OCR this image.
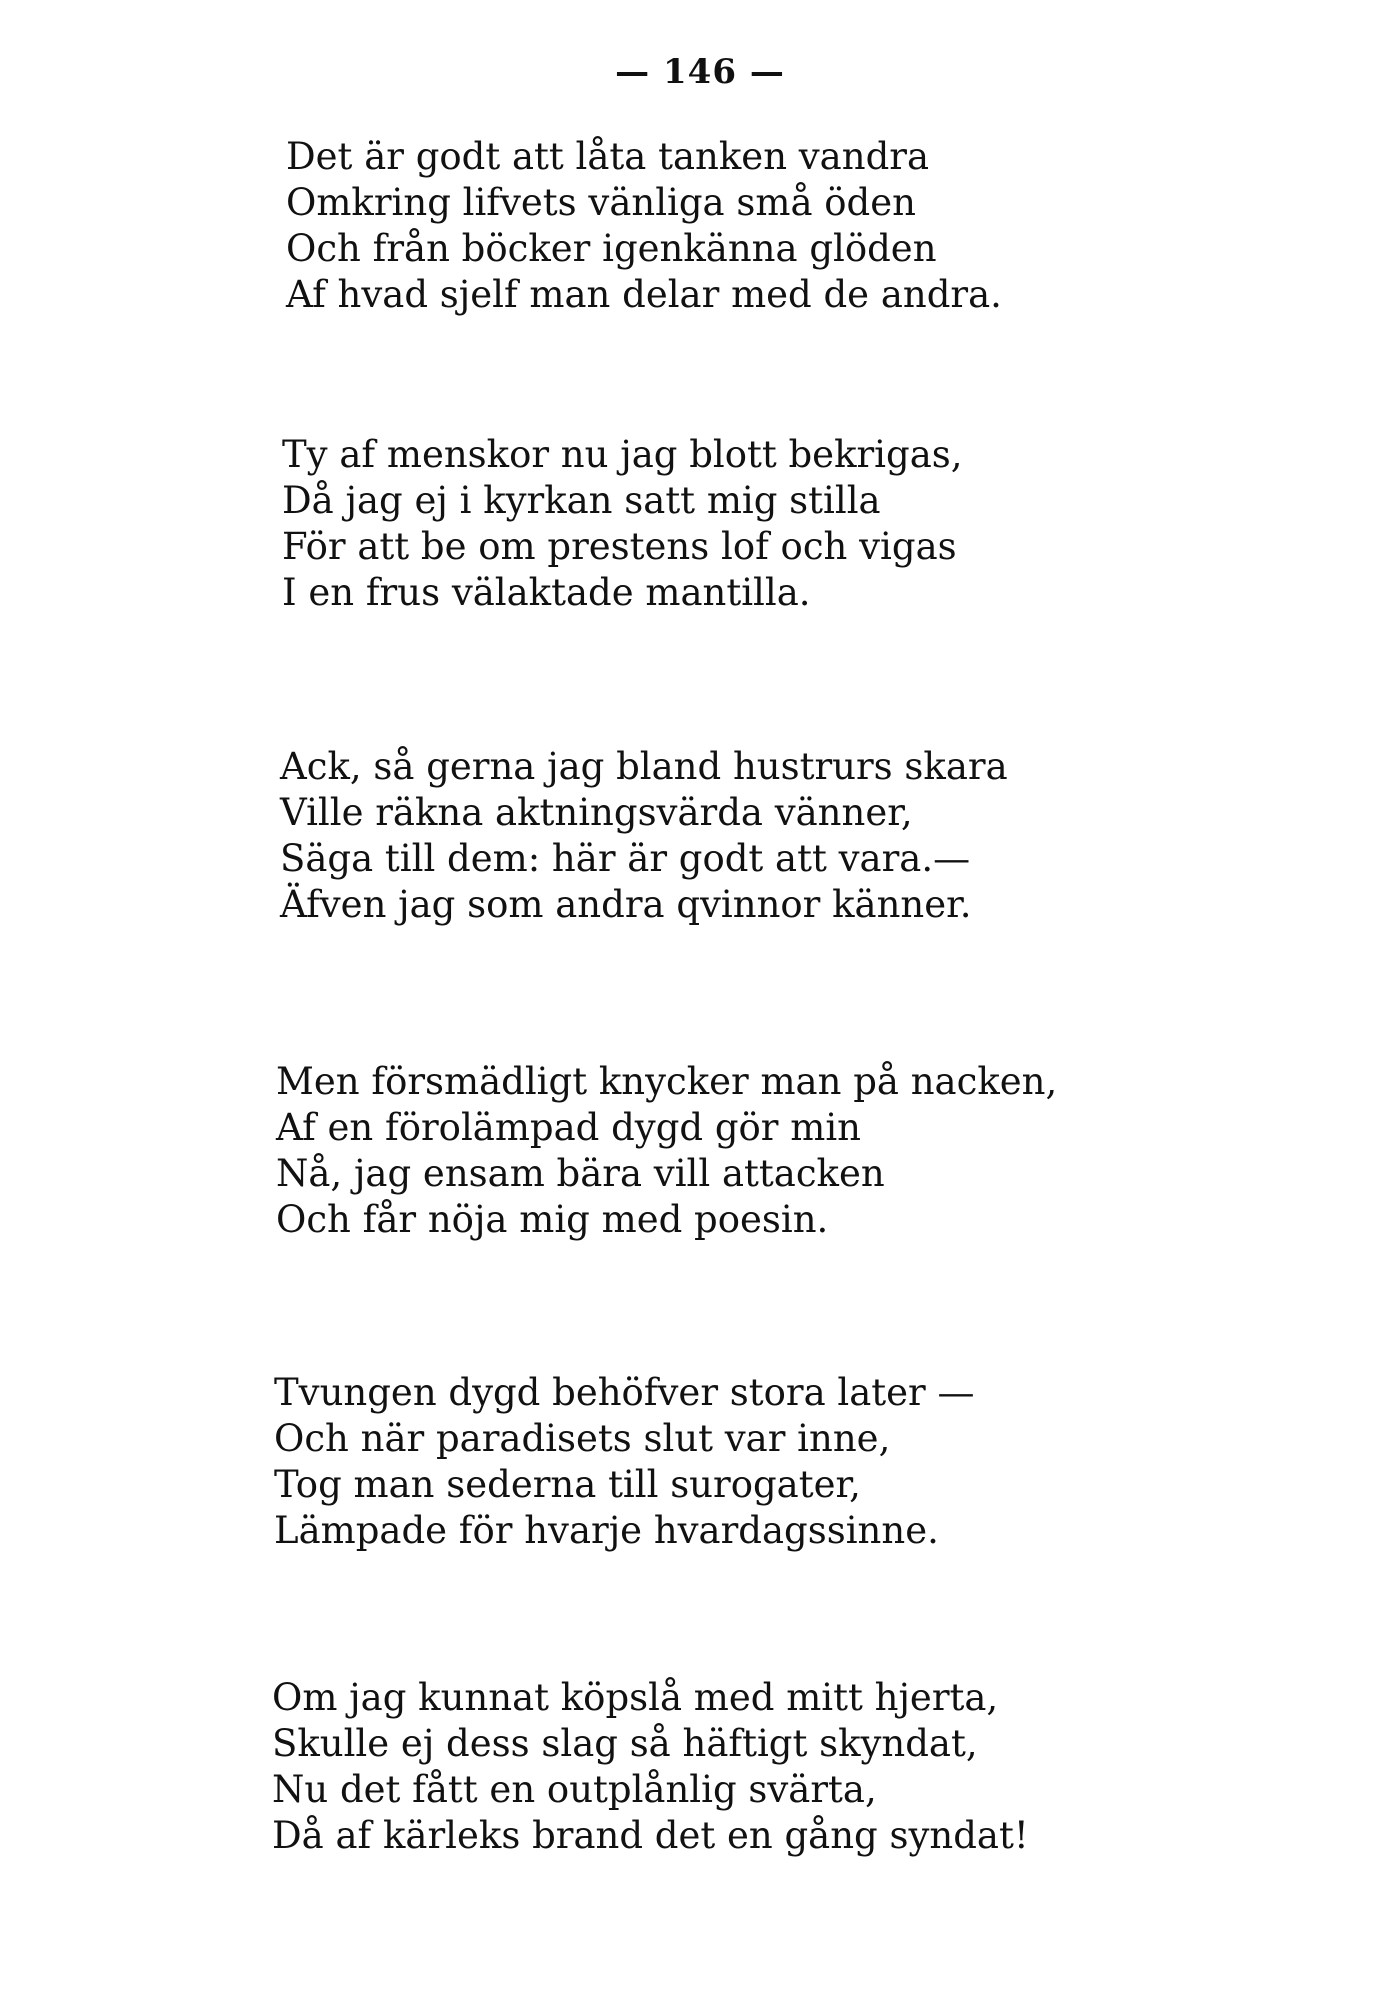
— 146 —
Det är godt att låta tanken vandra
Omkring lifvets vänliga små öden
Och från böcker igenkänna glöden
Af hvad sjelf man delar med de andra.
Ty af menskor nu jag blott bekrigas,
Då jag ej i kyrkan satt mig stilla
För att be om prestens lof och vigas
I en frus välaktade mantilla.
Ack, så gerna jag bland hustrurs skara
Ville räkna aktningsvärda vänner,
Säga till dem: här är godt att vara.—
Äfven jag som andra qvinnor känner.
Men försmädligt knycker man på nacken,
Af en förolämpad dygd gör min
Nå, jag ensam bära vill attacken
Och får nöja mig med poesin.
Tvungen dygd behöfver stora later —
Och när paradisets slut var inne,
Tog man sederna till surogater,
Lämpade för hvarje hvardagssinne.
Om jag kunnat köpslå med mitt hjerta,
Skulle ej dess slag så häftigt skyndat,
Nu det fått en outplånlig svärta,
Då af kärleks brand det en gång syndat!
